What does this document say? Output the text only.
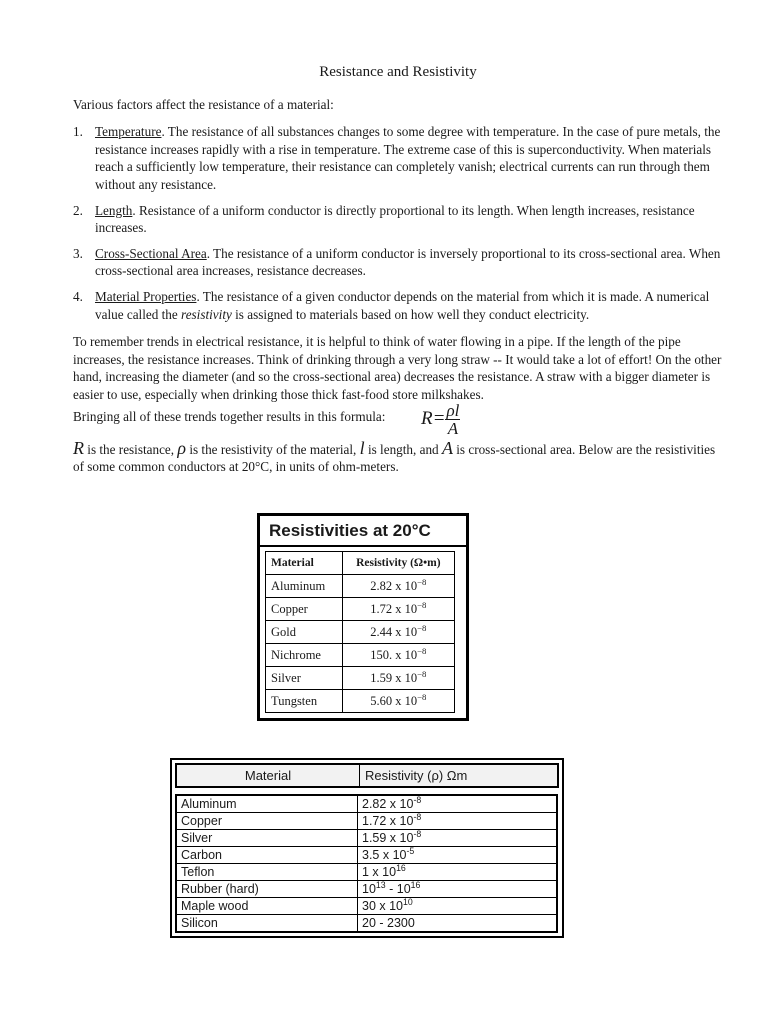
Resistance and Resistivity

Various factors affect the resistance of a material:

1. Temperature. The resistance of all substances changes to some degree with temperature. In the case of pure metals, the resistance increases rapidly with a rise in temperature. The extreme case of this is superconductivity. When materials reach a sufficiently low temperature, their resistance can completely vanish; electrical currents can run through them without any resistance.
2. Length. Resistance of a uniform conductor is directly proportional to its length. When length increases, resistance increases.
3. Cross-Sectional Area. The resistance of a uniform conductor is inversely proportional to its cross-sectional area. When cross-sectional area increases, resistance decreases.
4. Material Properties. The resistance of a given conductor depends on the material from which it is made. A numerical value called the resistivity is assigned to materials based on how well they conduct electricity.

To remember trends in electrical resistance, it is helpful to think of water flowing in a pipe. If the length of the pipe increases, the resistance increases. Think of drinking through a very long straw -- It would take a lot of effort! On the other hand, increasing the diameter (and so the cross-sectional area) decreases the resistance. A straw with a bigger diameter is easier to use, especially when drinking those thick fast-food store milkshakes.

Bringing all of these trends together results in this formula: $R= \frac{\rho l}{A}$

R is the resistance, ρ is the resistivity of the material, l is length, and A is cross-sectional area. Below are the resistivities of some common conductors at 20°C, in units of ohm-meters.

Resistivities at 20°C
Material	Resistivity (Ω•m)
Aluminum	2.82 x $10^{-8}$
Copper	1.72 x $10^{-8}$
Gold	2.44 x $10^{-8}$
Nichrome	150. x $10^{-8}$
Silver	1.59 x $10^{-8}$
Tungsten	5.60 x $10^{-8}$
Material	Resistivity (ρ) Ωm
Aluminum	2.82 x $10^{-8}$
Copper	1.72 x $10^{-8}$
Silver	1.59 x $10^{-8}$
Carbon	3.5 x $10^{-5}$
Teflon	1 x $10^{16}$
Rubber (hard)	$10^{13} - 10^{16}$
Maple wood	30 x $10^{10}$
Silicon	20 - 2300
